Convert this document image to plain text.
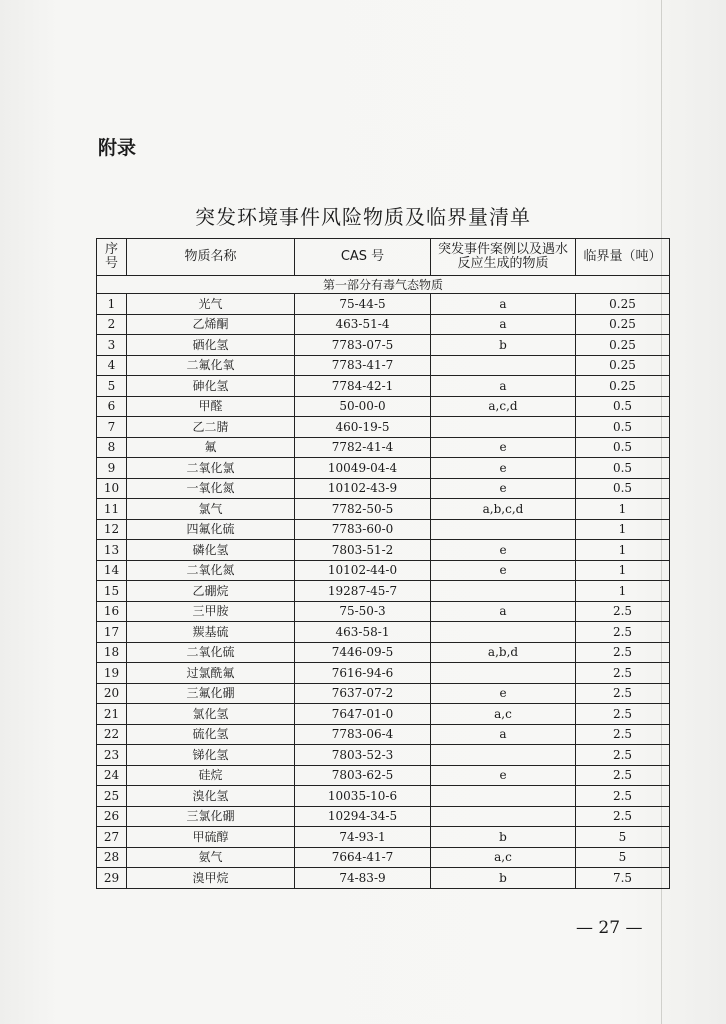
附录
突发环境事件风险物质及临界量清单
序号	物质名称	CAS 号	突发事件案例以及遇水反应生成的物质	临界量（吨）
第一部分有毒气态物质				
1	光气	75-44-5	a	0.25
2	乙烯酮	463-51-4	a	0.25
3	硒化氢	7783-07-5	b	0.25
4	二氟化氧	7783-41-7		0.25
5	砷化氢	7784-42-1	a	0.25
6	甲醛	50-00-0	a,c,d	0.5
7	乙二腈	460-19-5		0.5
8	氟	7782-41-4	e	0.5
9	二氧化氯	10049-04-4	e	0.5
10	一氧化氮	10102-43-9	e	0.5
11	氯气	7782-50-5	a,b,c,d	1
12	四氟化硫	7783-60-0		1
13	磷化氢	7803-51-2	e	1
14	二氧化氮	10102-44-0	e	1
15	乙硼烷	19287-45-7		1
16	三甲胺	75-50-3	a	2.5
17	羰基硫	463-58-1		2.5
18	二氧化硫	7446-09-5	a,b,d	2.5
19	过氯酰氟	7616-94-6		2.5
20	三氟化硼	7637-07-2	e	2.5
21	氯化氢	7647-01-0	a,c	2.5
22	硫化氢	7783-06-4	a	2.5
23	锑化氢	7803-52-3		2.5
24	硅烷	7803-62-5	e	2.5
25	溴化氢	10035-10-6		2.5
26	三氯化硼	10294-34-5		2.5
27	甲硫醇	74-93-1	b	5
28	氨气	7664-41-7	a,c	5
29	溴甲烷	74-83-9	b	7.5
— 27 —
